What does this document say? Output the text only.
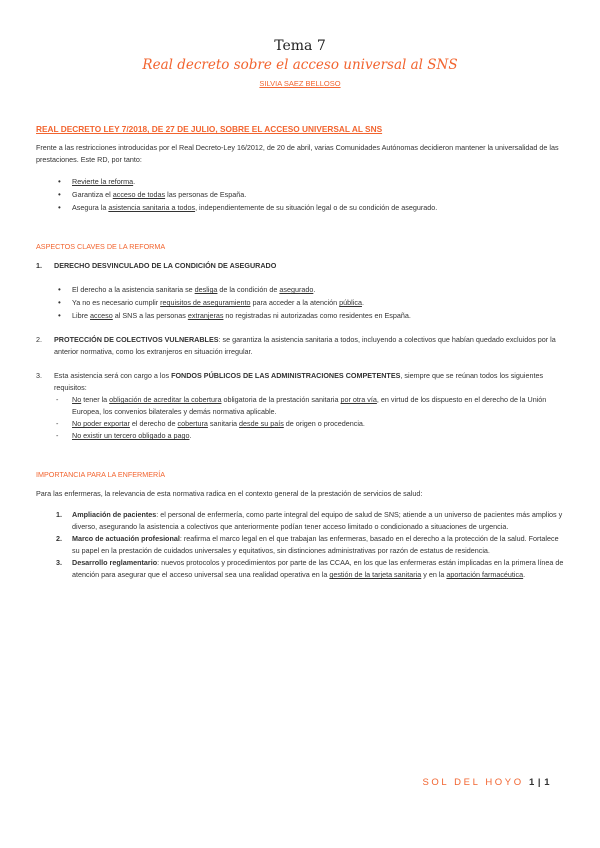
Tema 7
Real decreto sobre el acceso universal al SNS
SILVIA SAEZ BELLOSO
REAL DECRETO LEY 7/2018, DE 27 DE JULIO, SOBRE EL ACCESO UNIVERSAL AL SNS
Frente a las restricciones introducidas por el Real Decreto-Ley 16/2012, de 20 de abril, varias Comunidades Autónomas decidieron mantener la universalidad de las prestaciones. Este RD, por tanto:
• Revierte la reforma.
• Garantiza el acceso de todas las personas de España.
• Asegura la asistencia sanitaria a todos, independientemente de su situación legal o de su condición de asegurado.
ASPECTOS CLAVES DE LA REFORMA
1.	DERECHO DESVINCULADO DE LA CONDICIÓN DE ASEGURADO
• El derecho a la asistencia sanitaria se desliga de la condición de asegurado.
• Ya no es necesario cumplir requisitos de aseguramiento para acceder a la atención pública.
• Libre acceso al SNS a las personas extranjeras no registradas ni autorizadas como residentes en España.
2.	PROTECCIÓN DE COLECTIVOS VULNERABLES: se garantiza la asistencia sanitaria a todos, incluyendo a colectivos que habían quedado excluidos por la anterior normativa, como los extranjeros en situación irregular.
3.	Esta asistencia será con cargo a los FONDOS PÚBLICOS DE LAS ADMINISTRACIONES COMPETENTES, siempre que se reúnan todos los siguientes requisitos:
- No tener la obligación de acreditar la cobertura obligatoria de la prestación sanitaria por otra vía, en virtud de los dispuesto en el derecho de la Unión Europea, los convenios bilaterales y demás normativa aplicable.
- No poder exportar el derecho de cobertura sanitaria desde su país de origen o procedencia.
- No existir un tercero obligado a pago.
IMPORTANCIA PARA LA ENFERMERÍA
Para las enfermeras, la relevancia de esta normativa radica en el contexto general de la prestación de servicios de salud:
1. Ampliación de pacientes: el personal de enfermería, como parte integral del equipo de salud de SNS; atiende a un universo de pacientes más amplios y diverso, asegurando la asistencia a colectivos que anteriormente podían tener acceso limitado o condicionado a situaciones de urgencia.
2. Marco de actuación profesional: reafirma el marco legal en el que trabajan las enfermeras, basado en el derecho a la protección de la salud. Fortalece su papel en la prestación de cuidados universales y equitativos, sin distinciones administrativas por razón de estatus de residencia.
3. Desarrollo reglamentario: nuevos protocolos y procedimientos por parte de las CCAA, en los que las enfermeras están implicadas en la primera línea de atención para asegurar que el acceso universal sea una realidad operativa en la gestión de la tarjeta sanitaria y en la aportación farmacéutica.
SOL DEL HOYO 1 | 1
